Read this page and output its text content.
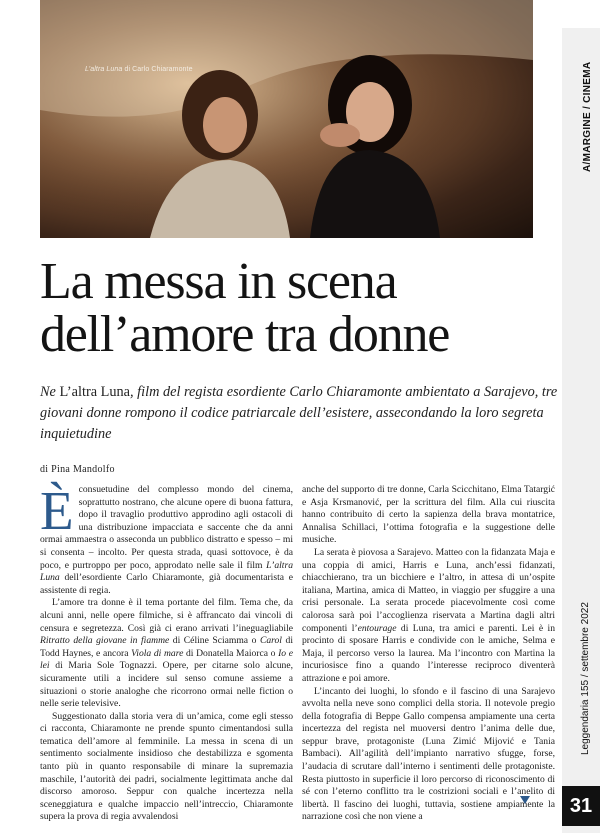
L’altra Luna di Carlo Chiaramonte	A/MARGINE / CINEMA
Leggendaria 155 / settembre 2022
31
La messa in scena
dell’amore tra donne

Ne L’altra Luna, film del regista esordiente Carlo Chiaramonte ambientato a Sarajevo, tre giovani donne rompono il codice patriarcale dell’esistere, assecondando la loro segreta inquietudine

di Pina Mandolfo

Èconsuetudine del complesso mondo del cinema, soprattutto nostrano, che alcune opere di buona fattura, dopo il travaglio produttivo approdino agli ostacoli di una distribuzione impacciata e saccente che da anni ormai ammaestra o asseconda un pubblico distratto e spesso – mi si consenta – incolto. Per questa strada, quasi sottovoce, è da poco, e purtroppo per poco, approdato nelle sale il film L’altra Luna dell’esordiente Carlo Chiaramonte, già documentarista e assistente di regia.

L’amore tra donne è il tema portante del film. Tema che, da alcuni anni, nelle opere filmiche, si è affrancato dai vincoli di censura e segretezza. Così già ci erano arrivati l’ineguagliabile Ritratto della giovane in fiamme di Céline Sciamma o Carol di Todd Haynes, e ancora Viola di mare di Donatella Maiorca o Io e lei di Maria Sole Tognazzi. Opere, per citarne solo alcune, sicuramente utili a incidere sul senso comune assieme a situazioni o storie analoghe che ricorrono ormai nelle fiction o nelle serie televisive.

Suggestionato dalla storia vera di un’amica, come egli stesso ci racconta, Chiaramonte ne prende spunto cimentandosi sulla tematica dell’amore al femminile. La messa in scena di un sentimento socialmente insidioso che destabilizza e sgomenta tanto più in quanto responsabile di minare la supremazia maschile, l’autorità dei padri, socialmente legittimata anche dal discorso amoroso. Seppur con qualche incertezza nella sceneggiatura e qualche impaccio nell’intreccio, Chiaramonte supera la prova di regia avvalendosi

anche del supporto di tre donne, Carla Scicchitano, Elma Tatargić e Asja Krsmanović, per la scrittura del film. Alla cui riuscita hanno contribuito di certo la sapienza della brava montatrice, Annalisa Schillaci, l’ottima fotografia e la suggestione delle musiche.

La serata è piovosa a Sarajevo. Matteo con la fidanzata Maja e una coppia di amici, Harris e Luna, anch’essi fidanzati, chiacchierano, tra un bicchiere e l’altro, in attesa di un’ospite italiana, Martina, amica di Matteo, in viaggio per sfuggire a una crisi personale. La serata procede piacevolmente così come calorosa sarà poi l’accoglienza riservata a Martina dagli altri componenti l’entourage di Luna, tra amici e parenti. Lei è in procinto di sposare Harris e condivide con le amiche, Selma e Maja, il percorso verso la laurea. Ma l’incontro con Martina la incuriosisce fino a quando l’interesse reciproco diventerà attrazione e poi amore.

L’incanto dei luoghi, lo sfondo e il fascino di una Sarajevo avvolta nella neve sono complici della storia. Il notevole pregio della fotografia di Beppe Gallo compensa ampiamente una certa incertezza del regista nel muoversi dentro l’anima delle due, seppur brave, protagoniste (Luna Zimić Mijović e Tania Bambaci). All’agilità dell’impianto narrativo sfugge, forse, l’audacia di scrutare dall’interno i sentimenti delle protagoniste. Resta piuttosto in superficie il loro percorso di riconoscimento di sé con l’eterno conflitto tra le costrizioni sociali e l’anelito di libertà. Il fascino dei luoghi, tuttavia, sostiene ampiamente la narrazione così che non viene a
